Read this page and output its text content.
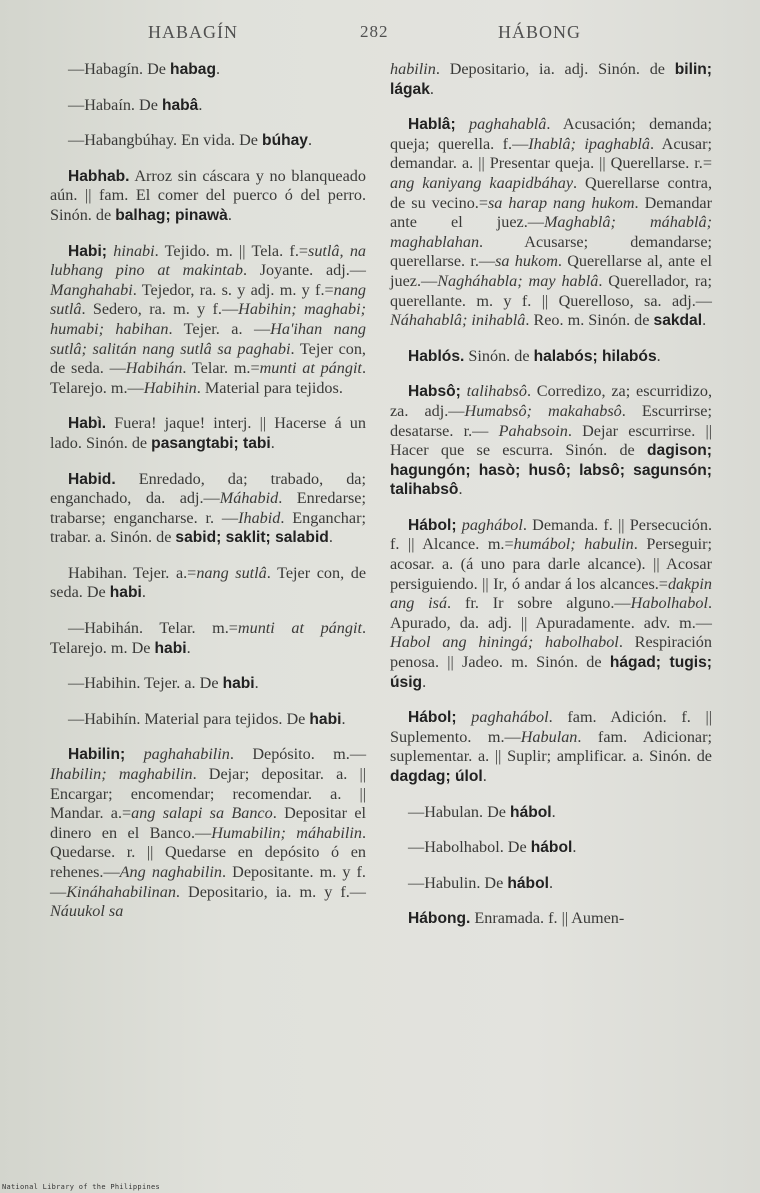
HABAGÍN	282	HÁBONG

—Habagín. De habag.

—Habaín. De habâ.

—Habangbúhay. En vida. De búhay.

Habhab. Arroz sin cáscara y no blanqueado aún. || fam. El comer del puerco ó del perro. Sinón. de balhag; pinawà.

Habi; hinabi. Tejido. m. || Tela. f.=sutlâ, na lubhang pino at makintab. Joyante. adj.—Manghahabi. Tejedor, ra. s. y adj. m. y f.=nang sutlâ. Sedero, ra. m. y f.—Habihin; maghabi; humabi; habihan. Tejer. a. —Ha'ihan nang sutlâ; salitán nang sutlâ sa paghabi. Tejer con, de seda. —Habihán. Telar. m.=munti at pángit. Telarejo. m.—Habihin. Material para tejidos.

Habì. Fuera! jaque! interj. || Hacerse á un lado. Sinón. de pasangtabi; tabi.

Habid. Enredado, da; trabado, da; enganchado, da. adj.—Máhabid. Enredarse; trabarse; engancharse. r. —Ihabid. Enganchar; trabar. a. Sinón. de sabid; saklit; salabid.

Habihan. Tejer. a.=nang sutlâ. Tejer con, de seda. De habi.

—Habihán. Telar. m.=munti at pángit. Telarejo. m. De habi.

—Habihin. Tejer. a. De habi.

—Habihín. Material para tejidos. De habi.

Habilin; paghahabilin. Depósito. m.—Ihabilin; maghabilin. Dejar; depositar. a. || Encargar; encomendar; recomendar. a. || Mandar. a.=ang salapi sa Banco. Depositar el dinero en el Banco.—Humabilin; máhabilin. Quedarse. r. || Quedarse en depósito ó en rehenes.—Ang naghabilin. Depositante. m. y f.—Kináhahabilinan. Depositario, ia. m. y f.—Náuukol sa

habilin. Depositario, ia. adj. Sinón. de bilin; lágak.

Hablâ; paghahablâ. Acusación; demanda; queja; querella. f.—Ihablâ; ipaghablâ. Acusar; demandar. a. || Presentar queja. || Querellarse. r.= ang kaniyang kaapidbáhay. Querellarse contra, de su vecino.=sa harap nang hukom. Demandar ante el juez.—Maghablâ; máhablâ; maghablahan. Acusarse; demandarse; querellarse. r.—sa hukom. Querellarse al, ante el juez.—Nagháhabla; may hablâ. Querellador, ra; querellante. m. y f. || Querelloso, sa. adj.—Náhahablâ; inihablâ. Reo. m. Sinón. de sakdal.

Hablós. Sinón. de halabós; hilabós.

Habsô; talihabsô. Corredizo, za; escurridizo, za. adj.—Humabsô; makahabsô. Escurrirse; desatarse. r.— Pahabsoin. Dejar escurrirse. || Hacer que se escurra. Sinón. de dagison; hagungón; hasò; husô; labsô; sagunsón; talihabsô.

Hábol; paghábol. Demanda. f. || Persecución. f. || Alcance. m.=humábol; habulin. Perseguir; acosar. a. (á uno para darle alcance). || Acosar persiguiendo. || Ir, ó andar á los alcances.=dakpin ang isá. fr. Ir sobre alguno.—Habolhabol. Apurado, da. adj. || Apuradamente. adv. m.— Habol ang hiningá; habolhabol. Respiración penosa. || Jadeo. m. Sinón. de hágad; tugis; úsig.

Hábol; paghahábol. fam. Adición. f. || Suplemento. m.—Habulan. fam. Adicionar; suplementar. a. || Suplir; amplificar. a. Sinón. de dagdag; úlol.

—Habulan. De hábol.

—Habolhabol. De hábol.

—Habulin. De hábol.

Hábong. Enramada. f. || Aumen-

National Library of the Philippines
